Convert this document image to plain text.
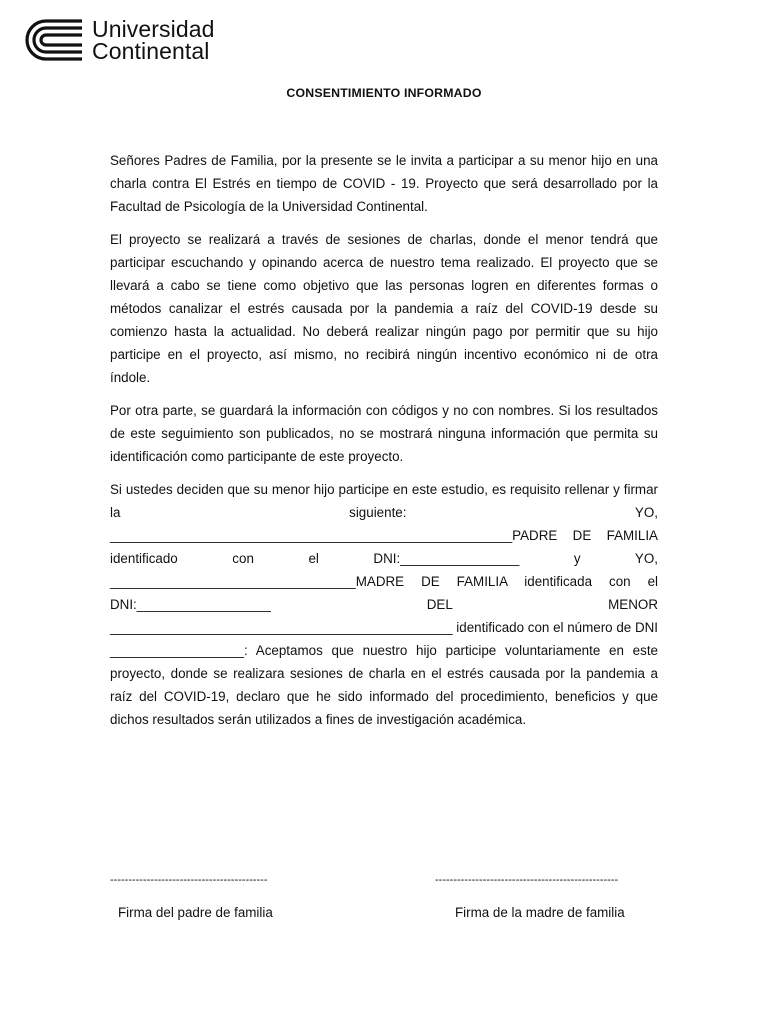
Universidad
Continental
CONSENTIMIENTO INFORMADO

Señores Padres de Familia, por la presente se le invita a participar a su menor hijo en una charla contra El Estrés en tiempo de COVID - 19. Proyecto que será desarrollado por la Facultad de Psicología de la Universidad Continental.

El proyecto se realizará a través de sesiones de charlas, donde el menor tendrá que participar escuchando y opinando acerca de nuestro tema realizado. El proyecto que se llevará a cabo se tiene como objetivo que las personas logren en diferentes formas o métodos canalizar el estrés causada por la pandemia a raíz del COVID-19 desde su comienzo hasta la actualidad. No deberá realizar ningún pago por permitir que su hijo participe en el proyecto, así mismo, no recibirá ningún incentivo económico ni de otra índole.

Por otra parte, se guardará la información con códigos y no con nombres. Si los resultados de este seguimiento son publicados, no se mostrará ninguna información que permita su identificación como participante de este proyecto.

Si ustedes deciden que su menor hijo participe en este estudio, es requisito rellenar y firmar la siguiente: YO, ______________________________________________________PADRE DE FAMILIA identificado con el DNI:________________ y YO, _________________________________MADRE DE FAMILIA identificada con el DNI:__________________ DEL MENOR ______________________________________________ identificado con el número de DNI __________________: Aceptamos que nuestro hijo participe voluntariamente en este proyecto, donde se realizara sesiones de charla en el estrés causada por la pandemia a raíz del COVID-19, declaro que he sido informado del procedimiento, beneficios y que dichos resultados serán utilizados a fines de investigación académica.

-------------------------------------------
Firma del padre de familia
--------------------------------------------------
Firma de la madre de familia
